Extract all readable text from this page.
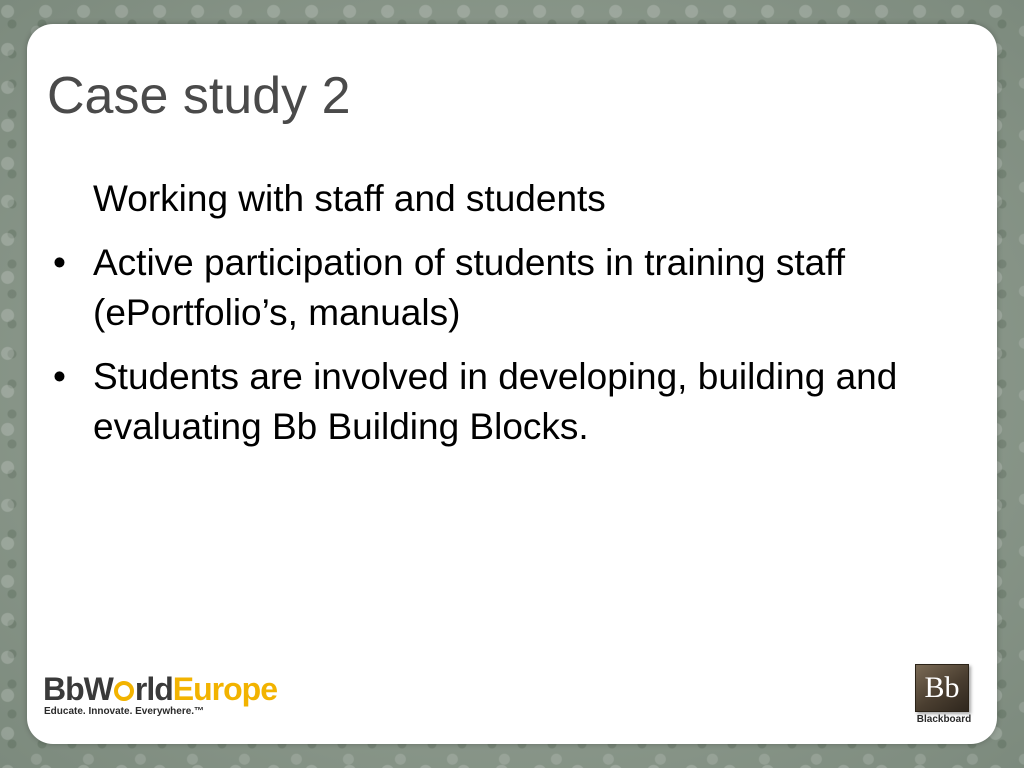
Case study 2
Working with staff and students
• Active participation of students in training staff (ePortfolio’s, manuals)
• Students are involved in developing, building and evaluating Bb Building Blocks.
BbW rldEurope
Educate. Innovate. Everywhere.™
Bb
Blackboard
